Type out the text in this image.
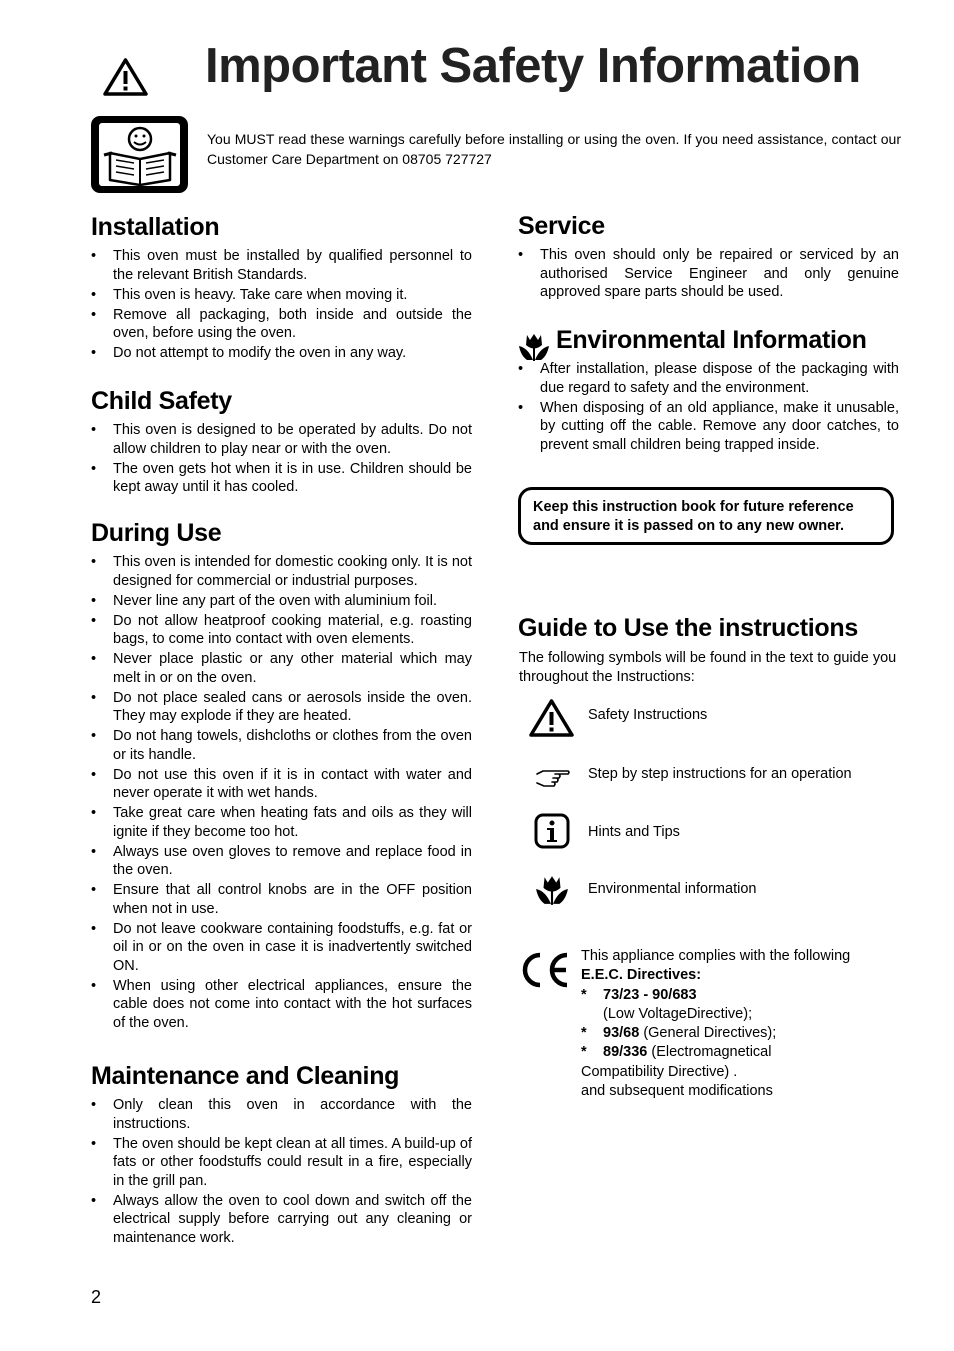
Important Safety Information
You MUST read these warnings carefully before installing or using the oven. If you need assistance, contact our Customer Care Department on 08705 727727
Installation
• This oven must be installed by qualified personnel to the relevant British Standards.
• This oven is heavy. Take care when moving it.
• Remove all packaging, both inside and outside the oven, before using the oven.
• Do not attempt to modify the oven in any way.
Child Safety
• This oven is designed to be operated by adults. Do not allow children to play near or with the oven.
• The oven gets hot when it is in use. Children should be kept away until it has cooled.
During Use
• This oven is intended for domestic cooking only. It is not designed for commercial or industrial purposes.
• Never line any part of the oven with aluminium foil.
• Do not allow heatproof cooking material, e.g. roasting bags, to come into contact with oven elements.
• Never place plastic or any other material which may melt in or on the oven.
• Do not place sealed cans or aerosols inside the oven. They may explode if they are heated.
• Do not hang towels, dishcloths or clothes from the oven or its handle.
• Do not use this oven if it is in contact with water and never operate it with wet hands.
• Take great care when heating fats and oils as they will ignite if they become too hot.
• Always use oven gloves to remove and replace food in the oven.
• Ensure that all control knobs are in the OFF position when not in use.
• Do not leave cookware containing foodstuffs, e.g. fat or oil in or on the oven in case it is inadvertently switched ON.
• When using other electrical appliances, ensure the cable does not come into contact with the hot surfaces of the oven.
Maintenance and Cleaning
• Only clean this oven in accordance with the instructions.
• The oven should be kept clean at all times. A build-up of fats or other foodstuffs could result in a fire, especially in the grill pan.
• Always allow the oven to cool down and switch off the electrical supply before carrying out any cleaning or maintenance work.
Service
• This oven should only be repaired or serviced by an authorised Service Engineer and only genuine approved spare parts should be used.
Environmental Information
• After installation, please dispose of the packaging with due regard to safety and the environment.
• When disposing of an old appliance, make it unusable, by cutting off the cable. Remove any door catches, to prevent small children being trapped inside.
Keep this instruction book for future reference and ensure it is passed on to any new owner.
Guide to Use the instructions
The following symbols will be found in the text to guide you throughout the Instructions:
Safety Instructions
Step by step instructions for an operation
Hints and Tips
Environmental information
This appliance complies with the following
E.E.C. Directives:
* 73/23 - 90/683
(Low VoltageDirective);
* 93/68 (General Directives);
* 89/336 (Electromagnetical
Compatibility Directive) .
and subsequent modifications
2
